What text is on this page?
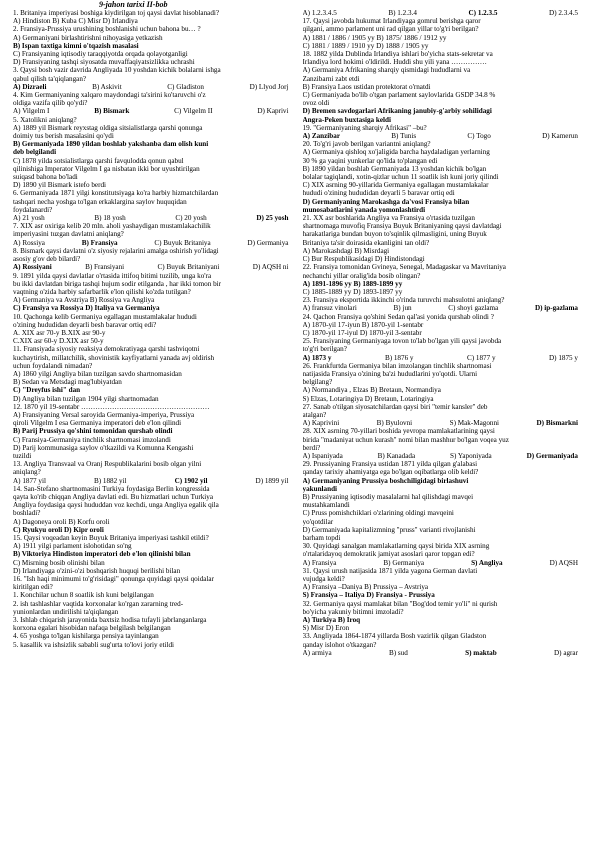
9-jahon tarixi II-bob
1. Britaniya imperiyasi boshiga kiydirilgan toj qaysi davlat hisoblanadi?
A) Hindiston B) Kuba C) Misr D) Irlandiya
2. Fransiya-Prussiya urushining boshlanishi uchun bahona bu… ?
A) Germaniyani birlashtirishni nihoyasiga yetkazish
B) Ispan taxtiga kimni o'tqazish masalasi
C) Fransiyaning iqtisodiy taraqqiyotda orqada qolayotganligi
D) Fransiyaning tashqi siyosatda muvaffaqiyatsizlikka uchrashi
3. Qaysi bosh vazir davrida Angliyada 10 yoshdan kichik bolalarni ishga
qabul qilish ta'qiqlangan?
A) Dizraeli	B) Askivit	C) Gladiston	D) Llyod Jorj
4. Kim Germaniyaning xalqaro maydondagi ta'sirini ko'taruvchi o'z
oldiga vazifa qilib qo'ydi?
A) Vilgelm I	B) Bismark	C) Vilgelm II	D) Kaprivi
5. Xatolikni aniqlang?
A) 1889 yil Bismark reyxstag oldiga sitsialistlarga qarshi qonunga
doimiy tus berish masalasini qo'ydi
B) Germaniyada 1890 yildan boshlab yakshanba dam olish kuni
deb belgilandi
C) 1878 yilda sotsialistlarga qarshi favqulodda qonun qabul
qilinishiga Imperator Vilgelm I ga nisbatan ikki bor uyushtirilgan
suiqasd bahona bo'ladi
D) 1890 yil Bismark istefo berdi
6. Germaniyada 1871 yilgi konstitutsiyaga ko'ra harbiy hizmatchilardan
tashqari necha yoshga to'lgan erkaklargina saylov huquqidan
foydalanardi?
A) 21 yosh	B) 18 yosh	C) 20 yosh	D) 25 yosh
7. XIX asr oxiriga kelib 20 mln. aholi yashaydigan mustamlakachilik
imperiyasini tuzgan davlatni aniqlang?
A) Rossiya	B) Fransiya	C) Buyuk Britaniya	D) Germaniya
8. Bismark qaysi davlatni o'z siyosiy rejalarini amalga oshirish yo'lidagi
asosiy g'ov deb bilardi?
A) Rossiyani	B) Fransiyani	C) Buyuk Britaniyani	D) AQSH ni
9. 1891 yilda qaysi davlatlar o'rtasida ittifoq bitimi tuzilib, unga ko'ra
bu ikki davlatdan biriga tashqi hujum sodir etilganda , har ikki tomon bir
vaqtning o'zida harbiy safarbarlik e'lon qilishi ko'zda tutilgan?
A) Germaniya va Avstriya B) Rossiya va Angliya
C) Fransiya va Rossiya D) Italiya va Germaniya
10. Qachonga kelib Germaniya egallagan mustamlakalar hududi
o'zining hududidan deyarli besh baravar ortiq edi?
A. XIX asr 70-y B.XIX asr 90-y
C.XIX asr 60-y D.XIX asr 50-y
11. Fransiyada siyosiy reaksiya demokratiyaga qarshi tashviqotni
kuchaytirish, millatchilik, shovinistik kayfiyatlarni yanada avj oldirish
uchun foydalandi nimadan?
A) 1860 yilgi Angliya bilan tuzilgan savdo shartnomasidan
B) Sedan va Metsdagi mag'lubiyatdan
C) "Dreyfus ishi" dan
D) Angliya bilan tuzilgan 1904 yilgi shartnomadan
12. 1870 yil 19-sentabr ………………………………………………
A) Fransiyaning Versal saroyida Germaniya-imperiya, Prussiya
qiroli Vilgelm I esa Germaniya imperatori deb e'lon qilindi
B) Parij Prussiya qo'shini tomonidan qurshab olindi
C) Fransiya-Germaniya tinchlik shartnomasi imzolandi
D) Parij kommunasiga saylov o'tkazildi va Komunna Kengashi
tuzildi
13. Angliya Transvaal va Oranj Respublikalarini bosib olgan yilni
aniqlang?
A) 1877 yil	B) 1882 yil	C) 1902 yil	D) 1899 yil
14. San-Stefano shartnomasini Turkiya foydasiga Berlin kongressida
qayta ko'rib chiqqan Angliya davlati edi. Bu hizmatlari uchun Turkiya
Angliya foydasiga qaysi hududdan voz kechdi, unga Angliya egalik qila
boshladi?
A) Dagoneya oroli B) Korfu oroli
C) Ryukyu oroli D) Kipr oroli
15. Qaysi voqeadan keyin Buyuk Britaniya imperiyasi tashkil etildi?
A) 1911 yilgi parlament islohotidan so'ng
B) Viktoriya Hindiston imperatori deb e'lon qilinishi bilan
C) Misrning bosib olinishi bilan
D) Irlandiyaga o'zini-o'zi boshqarish huquqi berilishi bilan
16. "Ish haqi minimumi to'g'risidagi" qonunga quyidagi qaysi qoidalar
kiritilgan edi?
1. Konchilar uchun 8 soatlik ish kuni belgilangan
2. ish tashlashlar vaqtida korxonalar ko'rgan zararning tred-
yunionlardan undirilishi ta'qiqlangan
3. Ishlab chiqarish jarayonida baxtsiz hodisa tufayli jabrlanganlarga
korxona egalari hisobidan nafaqa belgilash belgilangan
4. 65 yoshga to'lgan kishilarga pensiya tayinlangan
5. kasallik va ishsizlik sababli sug'urta to'lovi joriy etildi
A) 1.2.3.4.5	B) 1.2.3.4	C) 1.2.3.5	D) 2.3.4.5
17. Qaysi javobda hukumat Irlandiyaga gomrul berishga qaror
qilgani, ammo parlament uni rad qilgan yillar to'g'ri berilgan?
A) 1881 / 1886 / 1905 yy B) 1875/ 1886 / 1912 yy
C) 1881 / 1889 / 1910 yy D) 1888 / 1905 yy
18. 1882 yilda Dublinda Irlandiya ishlari bo'yicha stats-sekretar va
Irlandiya lord hokimi o'ldirildi. Huddi shu yili yana ……………
A) Germaniya Afrikaning sharqiy qismidagi hududlarni va
Zanzibarni zabt etdi
B) Fransiya Laos ustidan protektorat o'rnatdi
C) Germaniyada bo'lib o'tgan parlament saylovlarida GSDP 34.8 %
ovoz oldi
D) Bremen savdogarlari Afrikaning janubiy-g'arbiy sohilidagi
Angra-Peken buxtasiga keldi
19. "Germaniyaning sharqiy Afrikasi" –bu?
A) Zanzibar	B) Tunis	C) Togo	D) Kamerun
20. To'g'ri javob berilgan variantni aniqlang?
A) Germaniya qishloq xo'jaligida barcha haydaladigan yerlarning
30 % ga yaqini yunkerlar qo'lida to'plangan edi
B) 1890 yildan boshlab Germaniyada 13 yoshdan kichik bo'lgan
bolalar tagiqlandi, xotin-qizlar uchun 11 soatlik ish kuni joriy qilindi
C) XIX asrning 90-yillarida Germaniya egallagan mustamlakalar
hududi o'zining hududidan deyarli 5 baravar ortiq edi
D) Germaniyaning Marokashga da'vosi Fransiya bilan
munosabatlarini yanada yomonlashtirdi
21. XX asr boshlarida Angliya va Fransiya o'rtasida tuzilgan
shartnomaga muvofiq Fransiya Buyuk Britaniyaning qaysi davlatdagi
harakatlariga bundan buyon to'sqinlik qilmasligini, uning Buyuk
Britaniya ta'sir doirasida ekanligini tan oldi?
A) Marokashdagi B) Misrdagi
C) Bur Respublikasidagi D) Hindistondagi
22. Fransiya tomonidan Gvineya, Senegal, Madagaskar va Mavritaniya
nechanchi yillar oralig'ida bosib olingan?
A) 1891-1896 yy B) 1889-1899 yy
C) 1885-1889 yy D) 1893-1897 yy
23. Fransiya eksportida ikkinchi o'rinda turuvchi mahsulotni aniqlang?
A) fransuz vinolari	B) jun	C) shoyi gazlama	D) ip-gazlama
24. Qachon Fransiya qo'shini Sedan qal'asi yonida qurshab olindi ?
A) 1870-yil 17-iyun B) 1870-yil 1-sentabr
C) 1870-yil 17-iyul D) 1870-yil 3-sentabr
25. Fransiyaning Germaniyaga tovon to'lab bo'lgan yili qaysi javobda
to'g'ri berilgan?
A) 1873 y	B) 1876 y	C) 1877 y	D) 1875 y
26. Frankfurtda Germaniya bilan imzolangan tinchlik shartnomasi
natijasida Fransiya o'zining ba'zi hududlarini yo'qotdi. Ularni
belgilang?
A) Normandiya , Elzas B) Bretaun, Normandiya
S) Elzas, Lotaringiya D) Bretaun, Lotaringiya
27. Sanab o'tilgan siyosatchilardan qaysi biri "temir kansler" deb
atalgan?
A) Kaprivini	B) Byulovni	S) Mak-Magonni	D) Bismarkni
28. XIX asrning 70-yillari boshida yevropa mamlakatlarining qaysi
birida "madaniyat uchun kurash" nomi bilan mashhur bo'lgan voqea yuz
berdi?
A) Ispaniyada	B) Kanadada	S) Yaponiyada	D) Germaniyada
29. Prussiyaning Fransiya ustidan 1871 yilda qilgan g'alabasi
qanday tarixiy ahamiyatga ega bo'lgan oqibatlarga olib keldi?
A) Germaniyaning Prussiya boshchiligidagi birlashuvi
yakunlandi
B) Prussiyaning iqtisodiy masalalarni hal qilishdagi mavqei
mustahkamlandi
C) Pruss pomishchiklari o'zlarining oldingi mavqeini
yo'qotdilar
D) Germaniyada kapitalizmning "pruss" varianti rivojlanishi
barham topdi
30. Quyidagi sanalgan mamlakatlarning qaysi birida XIX asrning
o'rtalaridayoq demokratik jamiyat asoslari qaror topgan edi?
A) Fransiya	B) Germaniya	S) Angliya	D) AQSH
31. Qaysi urush natijasida 1871 yilda yagona German davlati
vujudga keldi?
A) Fransiya –Daniya B) Prussiya – Avstriya
S) Fransiya – Italiya D) Fransiya - Prussiya
32. Germaniya qaysi mamlakat bilan "Bog'dod temir yo'li" ni qurish
bo'yicha yakuniy bitimni imzoladi?
A) Turkiya B) Iroq
S) Misr D) Eron
33. Angliyada 1864-1874 yillarda Bosh vazirlik qilgan Gladston
qanday islohot o'tkazgan?
A) armiya	B) sud	S) maktab	D) agrar
